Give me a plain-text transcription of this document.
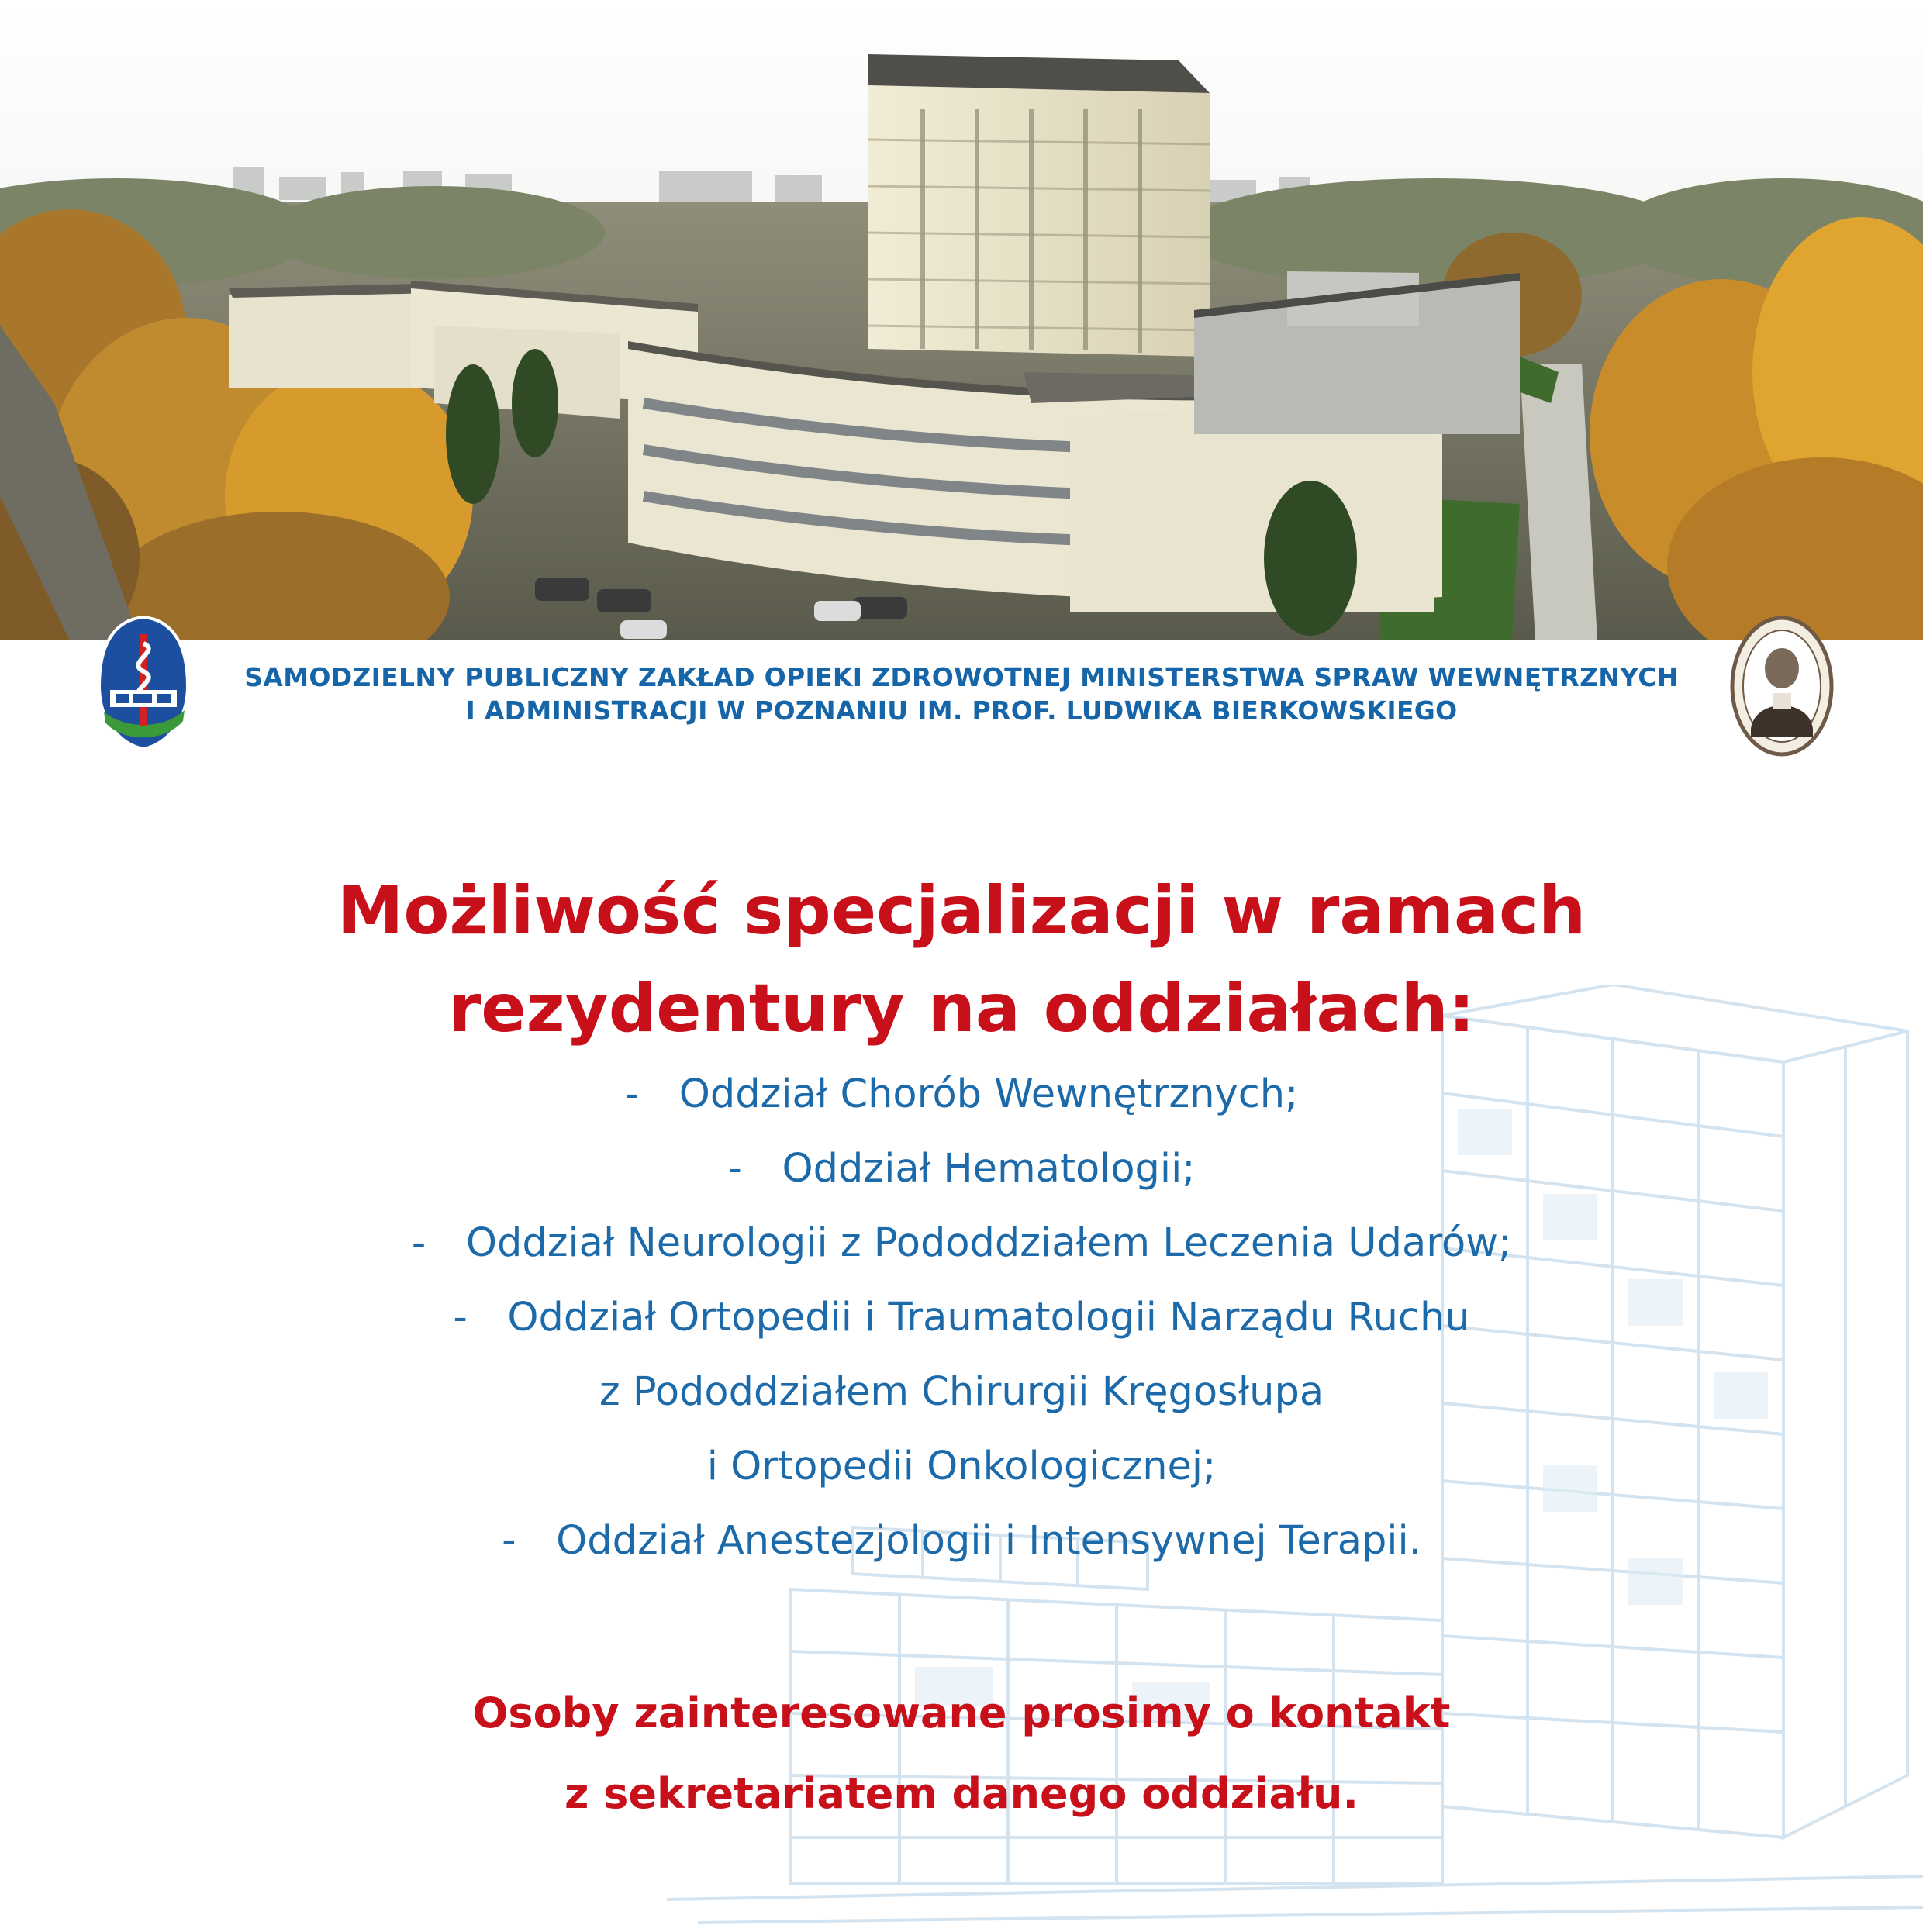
SAMODZIELNY PUBLICZNY ZAKŁAD OPIEKI ZDROWOTNEJ MINISTERSTWA SPRAW WEWNĘTRZNYCH
I ADMINISTRACJI W POZNANIU IM. PROF. LUDWIKA BIERKOWSKIEGO
Możliwość specjalizacji w ramach
rezydentury na oddziałach:
- Oddział Chorób Wewnętrznych;
- Oddział Hematologii;
- Oddział Neurologii z Pododdziałem Leczenia Udarów;
- Oddział Ortopedii i Traumatologii Narządu Ruchu
z Pododdziałem Chirurgii Kręgosłupa
i Ortopedii Onkologicznej;
- Oddział Anestezjologii i Intensywnej Terapii.
Osoby zainteresowane prosimy o kontakt
z sekretariatem danego oddziału.
